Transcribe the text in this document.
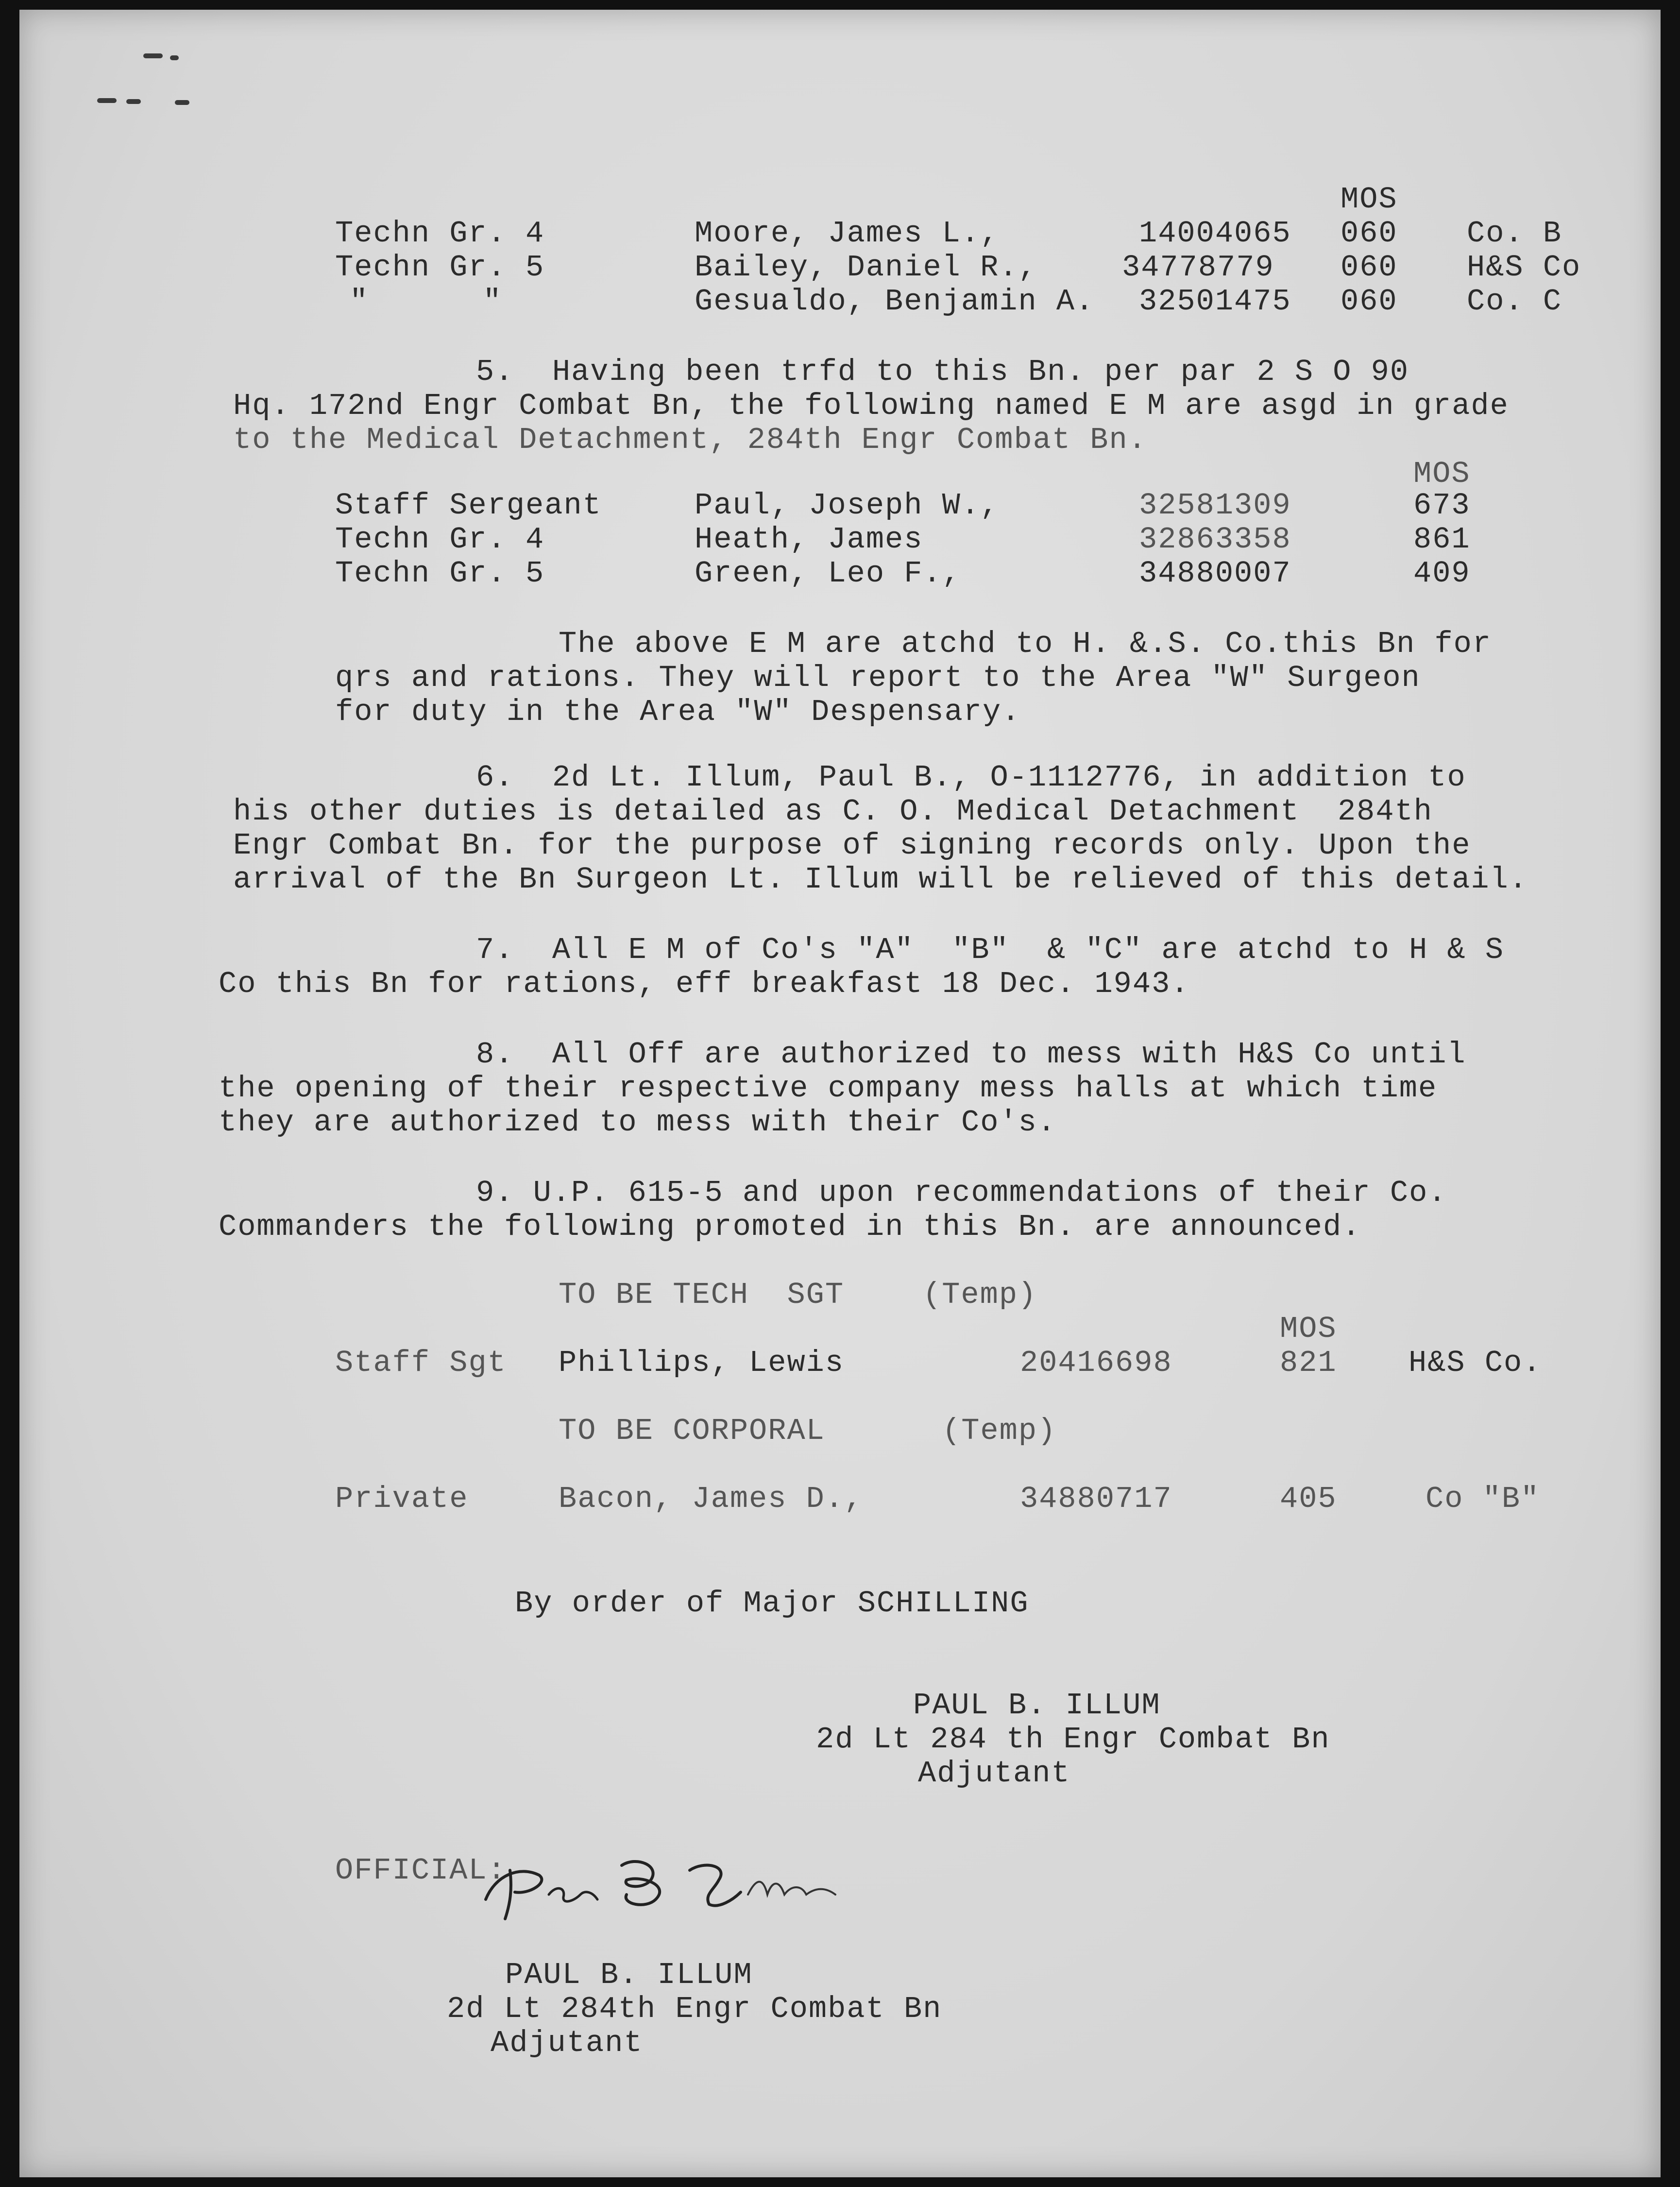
MOS
Techn Gr. 4	Moore, James L.,	14004065 060 Co. B
Techn Gr. 5	Bailey, Daniel R.,	34778779 060 H&S Co
"      "	Gesualdo, Benjamin A. 32501475 060 Co. C
5.  Having been trfd to this Bn. per par 2 S O 90
Hq. 172nd Engr Combat Bn, the following named E M are asgd in grade
to the Medical Detachment, 284th Engr Combat Bn.
MOS
Staff Sergeant	Paul, Joseph W.,	32581309	673
Techn Gr. 4	Heath, James	32863358	861
Techn Gr. 5	Green, Leo F.,	34880007	409
The above E M are atchd to H. &.S. Co.this Bn for
qrs and rations. They will report to the Area "W" Surgeon
for duty in the Area "W" Despensary.
6.  2d Lt. Illum, Paul B., O-1112776, in addition to
his other duties is detailed as C. O. Medical Detachment  284th
Engr Combat Bn. for the purpose of signing records only. Upon the
arrival of the Bn Surgeon Lt. Illum will be relieved of this detail.
7.  All E M of Co's "A"  "B"  & "C" are atchd to H & S
Co this Bn for rations, eff breakfast 18 Dec. 1943.
8.  All Off are authorized to mess with H&S Co until
the opening of their respective company mess halls at which time
they are authorized to mess with their Co's.
9. U.P. 615-5 and upon recommendations of their Co.
Commanders the following promoted in this Bn. are announced.
TO BE TECH  SGT	(Temp)
MOS
Staff Sgt Phillips, Lewis	20416698	821 H&S Co.
TO BE CORPORAL	(Temp)
Private	Bacon, James D.,	34880717	405	Co "B"
By order of Major SCHILLING
PAUL B. ILLUM
2d Lt 284 th Engr Combat Bn
Adjutant
OFFICIAL:
PAUL B. ILLUM
2d Lt 284th Engr Combat Bn
Adjutant
